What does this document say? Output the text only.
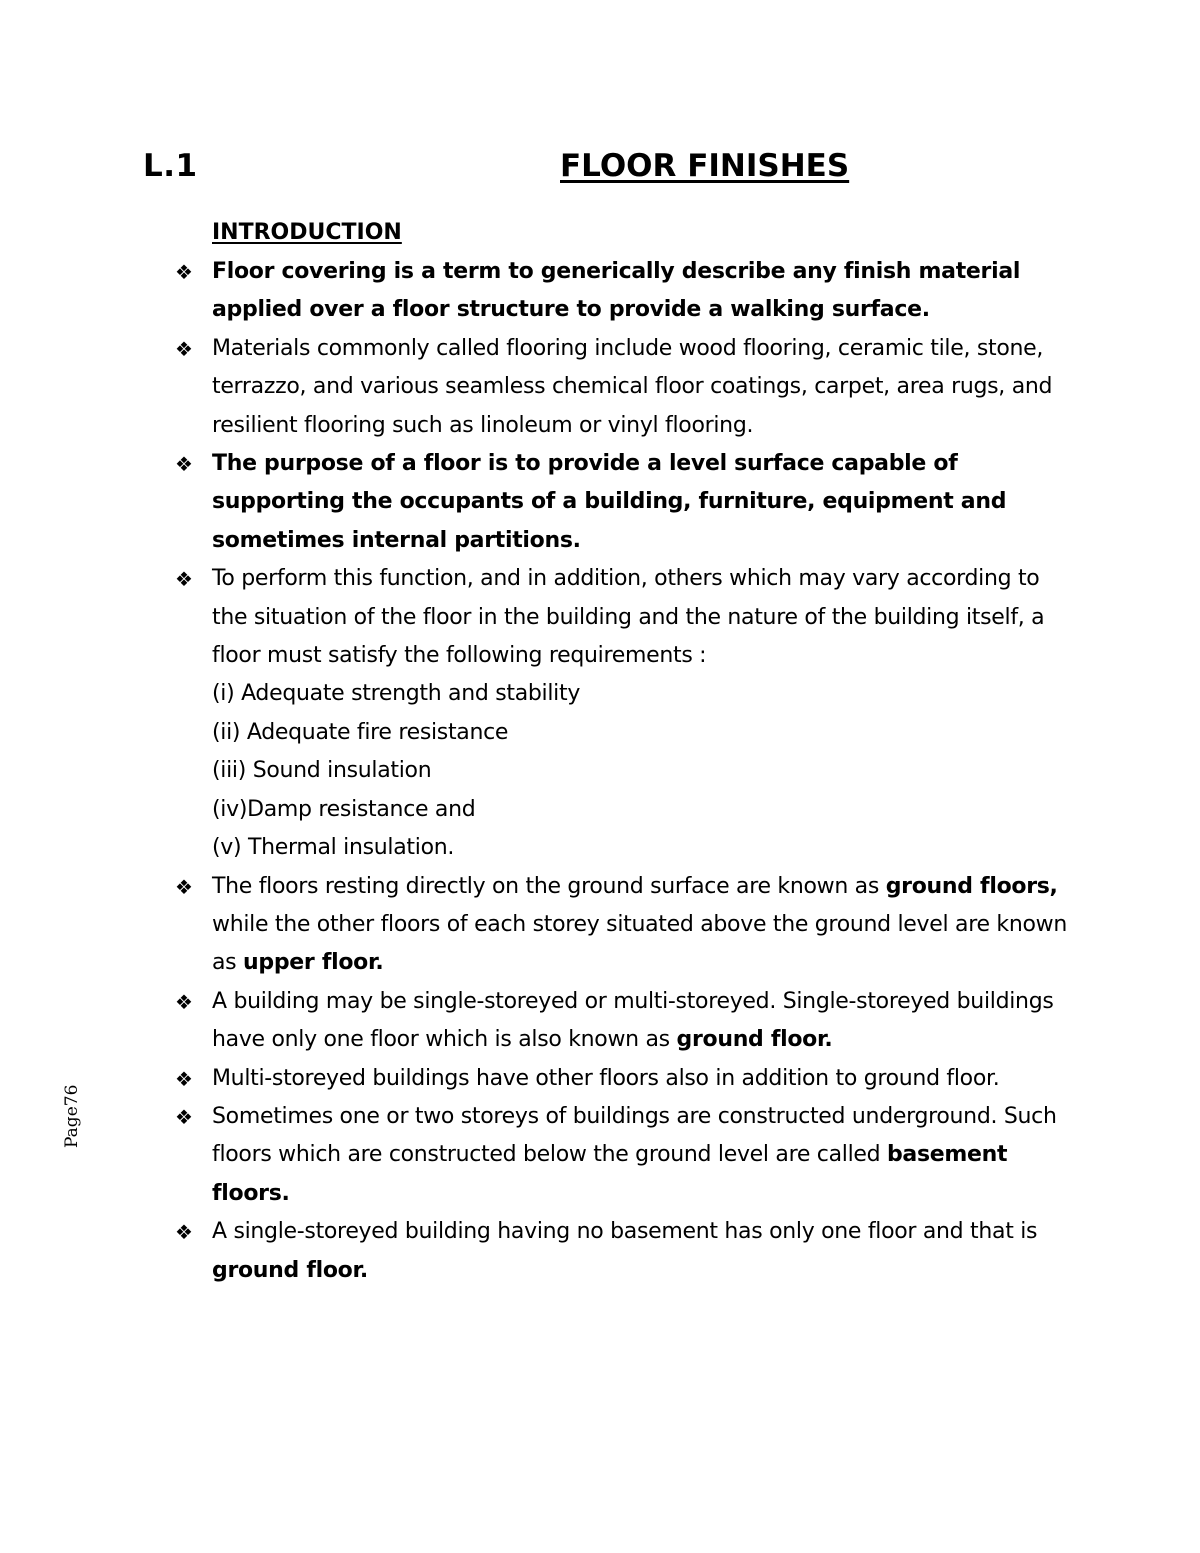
L.1	FLOOR FINISHES
INTRODUCTION
❖ Floor covering is a term to generically describe any finish material applied over a floor structure to provide a walking surface.
❖ Materials commonly called flooring include wood flooring, ceramic tile, stone, terrazzo, and various seamless chemical floor coatings, carpet, area rugs, and resilient flooring such as linoleum or vinyl flooring.
❖ The purpose of a floor is to provide a level surface capable of supporting the occupants of a building, furniture, equipment and sometimes internal partitions.
❖ To perform this function, and in addition, others which may vary according to the situation of the floor in the building and the nature of the building itself, a floor must satisfy the following requirements :
(i) Adequate strength and stability
(ii) Adequate fire resistance
(iii) Sound insulation
(iv)Damp resistance and
(v) Thermal insulation.
❖ The floors resting directly on the ground surface are known as ground floors, while the other floors of each storey situated above the ground level are known as upper floor.
❖ A building may be single-storeyed or multi-storeyed. Single-storeyed buildings have only one floor which is also known as ground floor.
❖ Multi-storeyed buildings have other floors also in addition to ground floor.
❖ Sometimes one or two storeys of buildings are constructed underground. Such floors which are constructed below the ground level are called basement floors.
❖ A single-storeyed building having no basement has only one floor and that is ground floor.
Page76
